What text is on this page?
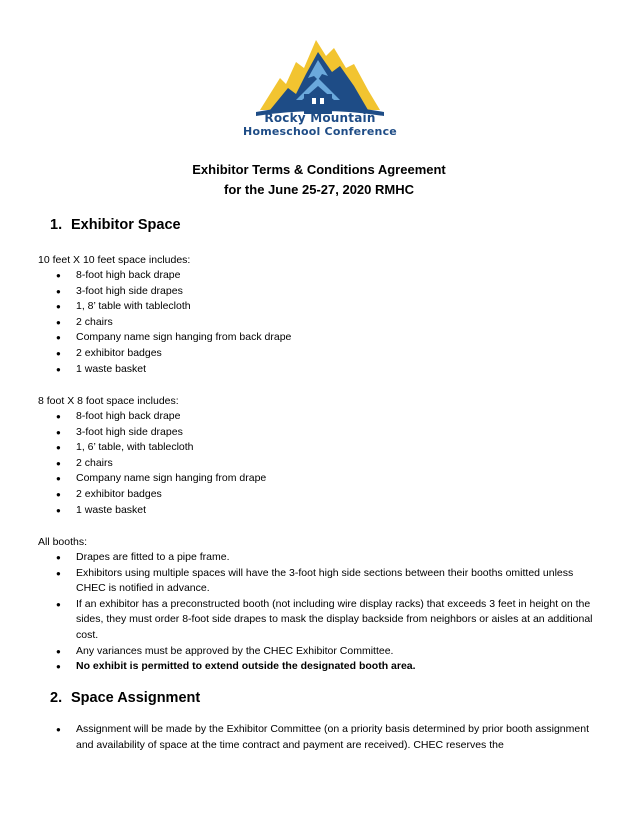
Rocky Mountain
Homeschool Conference
Exhibitor Terms & Conditions Agreement
for the June 25-27, 2020 RMHC
1. Exhibitor Space
10 feet X 10 feet space includes:
● 8-foot high back drape
● 3-foot high side drapes
● 1, 8’ table with tablecloth
● 2 chairs
● Company name sign hanging from back drape
● 2 exhibitor badges
● 1 waste basket
8 foot X 8 foot space includes:
● 8-foot high back drape
● 3-foot high side drapes
● 1, 6’ table, with tablecloth
● 2 chairs
● Company name sign hanging from drape
● 2 exhibitor badges
● 1 waste basket
All booths:
● Drapes are fitted to a pipe frame.
● Exhibitors using multiple spaces will have the 3-foot high side sections between their booths omitted unless CHEC is notified in advance.
● If an exhibitor has a preconstructed booth (not including wire display racks) that exceeds 3 feet in height on the sides, they must order 8-foot side drapes to mask the display backside from neighbors or aisles at an additional cost.
● Any variances must be approved by the CHEC Exhibitor Committee.
● No exhibit is permitted to extend outside the designated booth area.
2. Space Assignment
● Assignment will be made by the Exhibitor Committee (on a priority basis determined by prior booth assignment and availability of space at the time contract and payment are received). CHEC reserves the
